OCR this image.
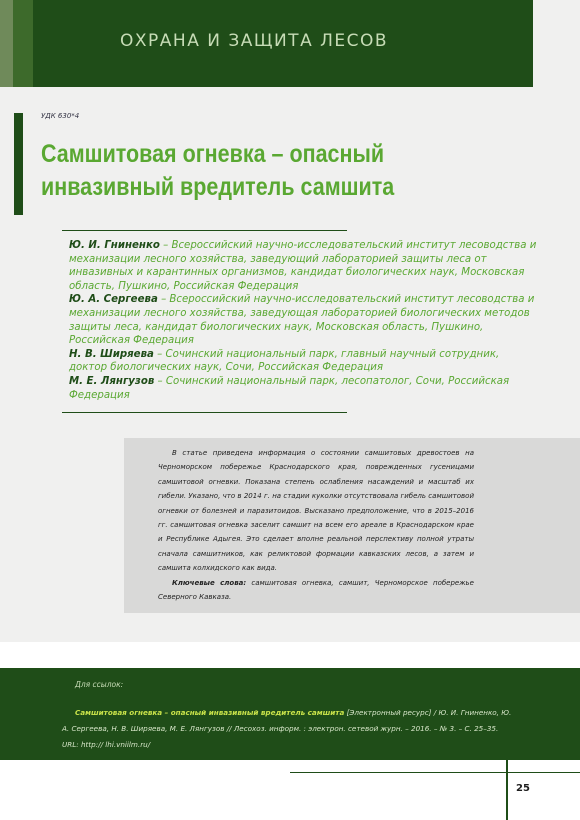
ОХРАНА И ЗАЩИТА ЛЕСОВ
УДК 630*4
Самшитовая огневка – опасный
инвазивный вредитель самшита

Ю. И. Гниненко – Всероссийский научно-исследовательский институт лесоводства и механизации лесного хозяйства, заведующий лабораторией защиты леса от инвазивных и карантинных организмов, кандидат биологических наук, Московская область, Пушкино, Российская Федерация

Ю. А. Сергеева – Всероссийский научно-исследовательский институт лесоводства и механизации лесного хозяйства, заведующая лабораторией биологических методов защиты леса, кандидат биологических наук, Московская область, Пушкино, Российская Федерация

Н. В. Ширяева – Сочинский национальный парк, главный научный сотрудник, доктор биологических наук, Сочи, Российская Федерация

М. Е. Лянгузов – Сочинский национальный парк, лесопатолог, Сочи, Российская Федерация

В статье приведена информация о состоянии самшитовых древостоев на Черноморском побережье Краснодарского края, поврежденных гусеницами самшитовой огневки. Показана степень ослабления насаждений и масштаб их гибели. Указано, что в 2014 г. на стадии куколки отсутствовала гибель самшитовой огневки от болезней и паразитоидов. Высказано предположение, что в 2015–2016 гг. самшитовая огневка заселит самшит на всем его ареале в Краснодарском крае и Республике Адыгея. Это сделает вполне реальной перспективу полной утраты сначала самшитников, как реликтовой формации кавказских лесов, а затем и самшита колхидского как вида.

Ключевые слова: самшитовая огневка, самшит, Черноморское побережье Северного Кавказа.

Для ссылок:
Самшитовая огневка – опасный инвазивный вредитель самшита [Электронный ресурс] / Ю. И. Гниненко, Ю. А. Сергеева, Н. В. Ширяева, М. Е. Лянгузов // Лесохоз. информ. : электрон. сетевой журн. – 2016. – № 3. – С. 25–35. URL: http:// lhi.vniilm.ru/
25
